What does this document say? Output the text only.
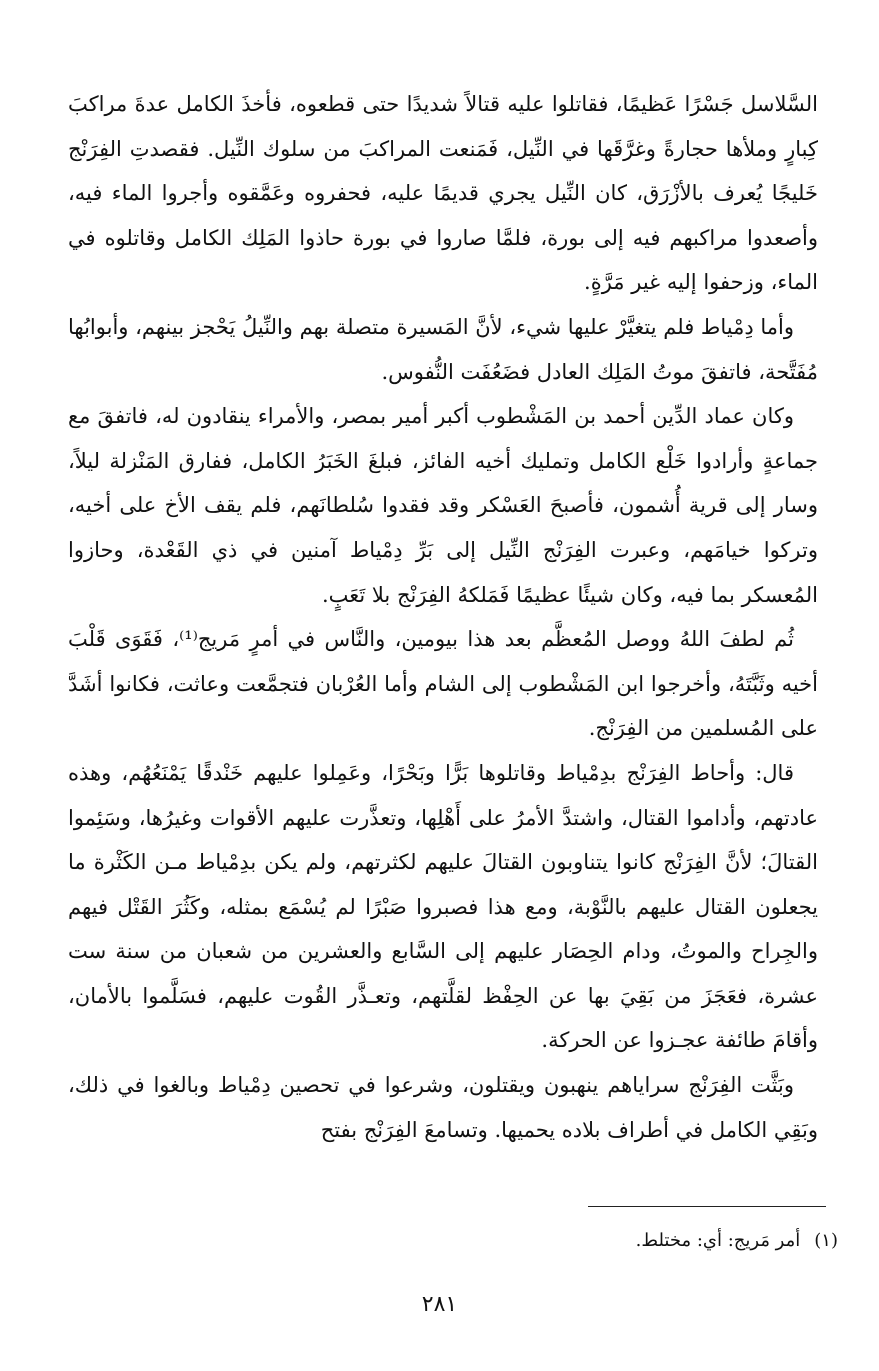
السَّلاسل جَسْرًا عَظيمًا، فقاتلوا عليه قتالاً شديدًا حتى قطعوه، فأخذَ الكامل عدةَ مراكبَ كِبارٍ وملأها حجارةً وغرَّقَها في النِّيل، فَمَنعت المراكبَ من سلوك النِّيل. فقصدتِ الفِرَنْج خَليجًا يُعرف بالأزْرَق، كان النِّيل يجري قديمًا عليه، فحفروه وعَمَّقوه وأجروا الماء فيه، وأصعدوا مراكبهم فيه إلى بورة، فلمَّا صاروا في بورة حاذوا المَلِك الكامل وقاتلوه في الماء، وزحفوا إليه غير مَرَّةٍ.

وأما دِمْياط فلم يتغيَّرْ عليها شيء، لأنَّ المَسيرة متصلة بهم والنِّيلُ يَحْجز بينهم، وأبوابُها مُفَتَّحة، فاتفقَ موتُ المَلِك العادل فضَعُفَت النُّفوس.

وكان عماد الدِّين أحمد بن المَشْطوب أكبر أمير بمصر، والأمراء ينقادون له، فاتفقَ مع جماعةٍ وأرادوا خَلْع الكامل وتمليك أخيه الفائز، فبلغَ الخَبَرُ الكامل، ففارق المَنْزلة ليلاً، وسار إلى قرية أُشمون، فأصبحَ العَسْكر وقد فقدوا سُلطانَهم، فلم يقف الأخ على أخيه، وتركوا خيامَهم، وعبرت الفِرَنْج النِّيل إلى بَرِّ دِمْياط آمنين في ذي القَعْدة، وحازوا المُعسكر بما فيه، وكان شيئًا عظيمًا فَمَلكهُ الفِرَنْج بلا تَعَبٍ.

ثُم لطفَ اللهُ ووصل المُعظَّم بعد هذا بيومين، والنَّاس في أمرٍ مَريج⁽¹⁾، فَقَوَى قَلْبَ أخيه وثَبَّتَهُ، وأخرجوا ابن المَشْطوب إلى الشام وأما العُرْبان فتجمَّعت وعاثت، فكانوا أشَدَّ على المُسلمين من الفِرَنْج.

قال: وأحاط الفِرَنْج بدِمْياط وقاتلوها بَرًّا وبَحْرًا، وعَمِلوا عليهم خَنْدقًا يَمْنَعُهُم، وهذه عادتهم، وأداموا القتال، واشتدَّ الأمرُ على أَهْلِها، وتعذَّرت عليهم الأقوات وغيرُها، وسَئِموا القتالَ؛ لأنَّ الفِرَنْج كانوا يتناوبون القتالَ عليهم لكثرتهم، ولم يكن بدِمْياط مـن الكَثْرة ما يجعلون القتال عليهم بالنَّوْبة، ومع هذا فصبروا صَبْرًا لم يُسْمَع بمثله، وكَثُرَ القَتْل فيهم والجِراح والموتُ، ودام الحِصَار عليهم إلى السَّابع والعشرين من شعبان من سنة ست عشرة، فعَجَزَ من بَقِيَ بها عن الحِفْظ لقلَّتهم، وتعـذَّر القُوت عليهم، فسَلَّموا بالأمان، وأقامَ طائفة عجـزوا عن الحركة.

وبَثَّت الفِرَنْج سراياهم ينهبون ويقتلون، وشرعوا في تحصين دِمْياط وبالغوا في ذلك، وبَقِي الكامل في أطراف بلاده يحميها. وتسامعَ الفِرَنْج بفتح

(١)أمر مَريج: أي: مختلط.
٢٨١
